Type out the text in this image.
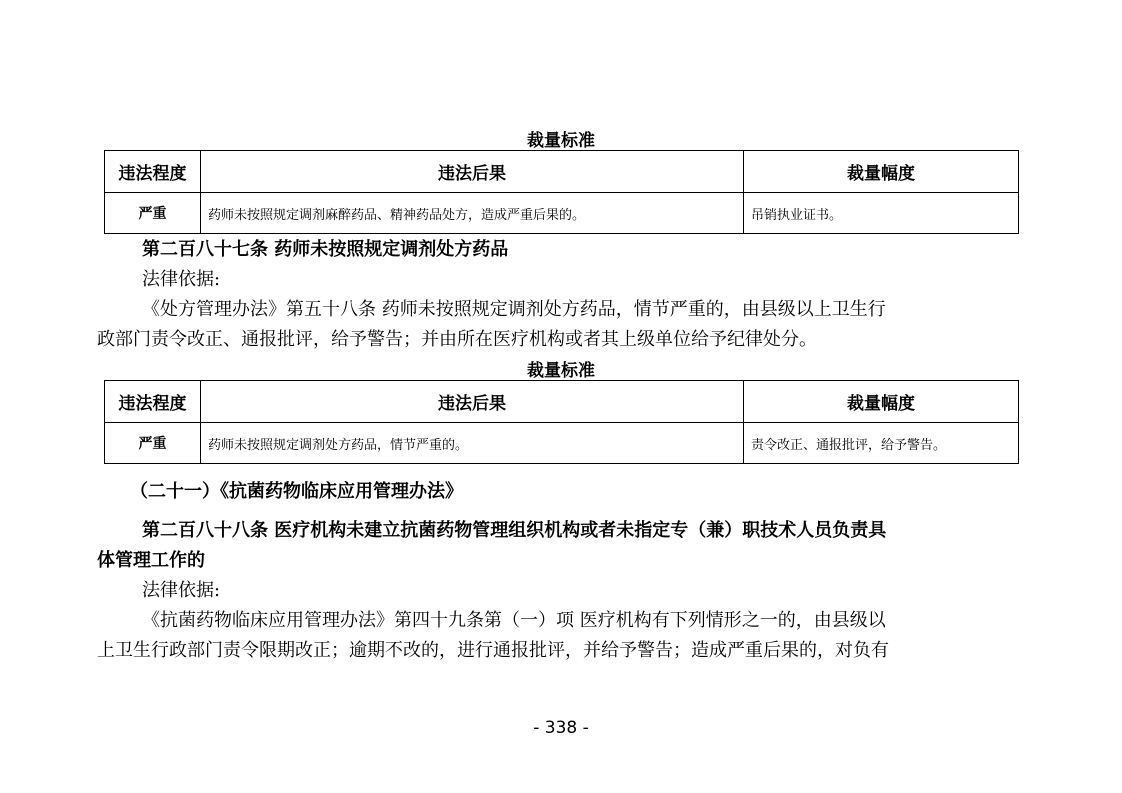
裁量标准
违法程度	违法后果	裁量幅度
严重	药师未按照规定调剂麻醉药品、精神药品处方，造成严重后果的。	吊销执业证书。
第二百八十七条 药师未按照规定调剂处方药品
法律依据:
《处方管理办法》第五十八条 药师未按照规定调剂处方药品，情节严重的，由县级以上卫生行
政部门责令改正、通报批评，给予警告；并由所在医疗机构或者其上级单位给予纪律处分。
裁量标准
违法程度	违法后果	裁量幅度
严重	药师未按照规定调剂处方药品，情节严重的。	责令改正、通报批评，给予警告。
（二十一）《抗菌药物临床应用管理办法》
第二百八十八条 医疗机构未建立抗菌药物管理组织机构或者未指定专（兼）职技术人员负责具
体管理工作的
法律依据:
《抗菌药物临床应用管理办法》第四十九条第（一）项 医疗机构有下列情形之一的，由县级以
上卫生行政部门责令限期改正；逾期不改的，进行通报批评，并给予警告；造成严重后果的，对负有
- 338 -
